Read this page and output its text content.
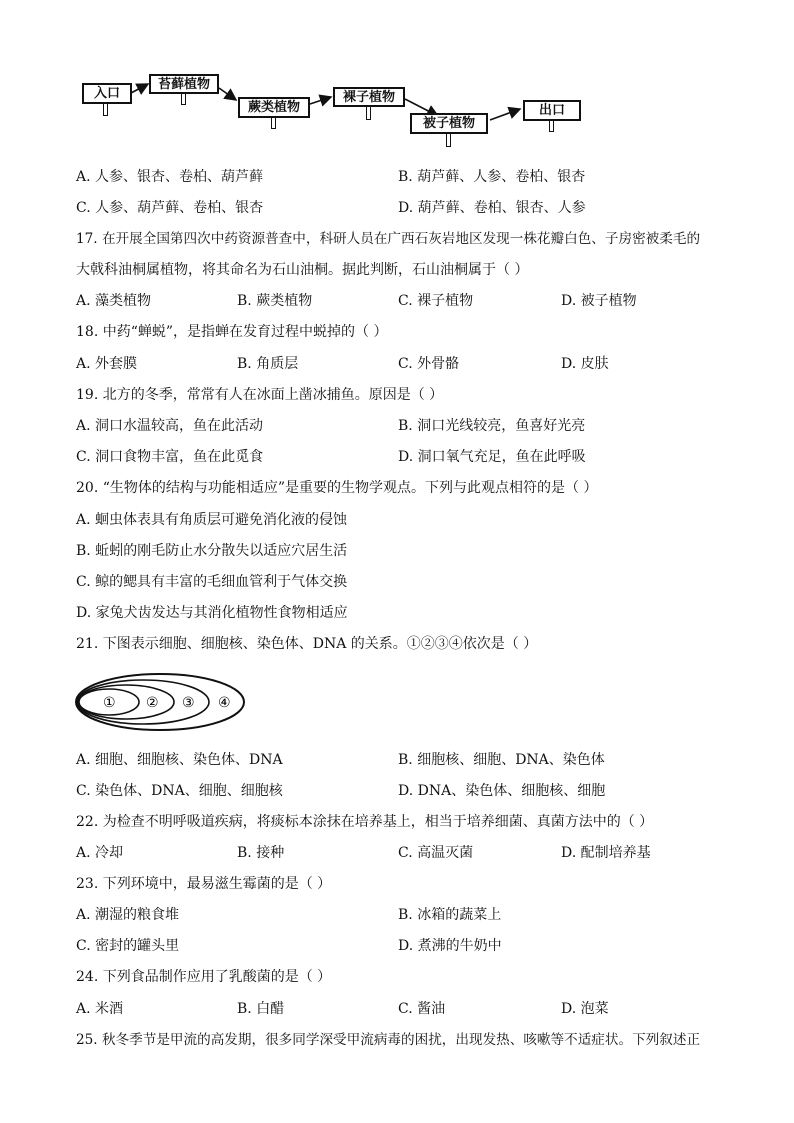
入口
苔藓植物
蕨类植物
裸子植物
被子植物
出口
A. 人参、银杏、卷柏、葫芦藓	B. 葫芦藓、人参、卷柏、银杏
C. 人参、葫芦藓、卷柏、银杏	D. 葫芦藓、卷柏、银杏、人参
17. 在开展全国第四次中药资源普查中，科研人员在广西石灰岩地区发现一株花瓣白色、子房密被柔毛的
大戟科油桐属植物，将其命名为石山油桐。据此判断，石山油桐属于（ ）
A. 藻类植物	B. 蕨类植物	C. 裸子植物	D. 被子植物
18. 中药“蝉蜕”，是指蝉在发育过程中蜕掉的（ ）
A. 外套膜	B. 角质层	C. 外骨骼	D. 皮肤
19. 北方的冬季，常常有人在冰面上凿冰捕鱼。原因是（ ）
A. 洞口水温较高，鱼在此活动	B. 洞口光线较亮，鱼喜好光亮
C. 洞口食物丰富，鱼在此觅食	D. 洞口氧气充足，鱼在此呼吸
20. “生物体的结构与功能相适应”是重要的生物学观点。下列与此观点相符的是（ ）
A. 蛔虫体表具有角质层可避免消化液的侵蚀
B. 蚯蚓的刚毛防止水分散失以适应穴居生活
C. 鲸的鳃具有丰富的毛细血管利于气体交换
D. 家兔犬齿发达与其消化植物性食物相适应
21. 下图表示细胞、细胞核、染色体、DNA 的关系。①②③④依次是（ ）
① ② ③ ④
A. 细胞、细胞核、染色体、DNA	B. 细胞核、细胞、DNA、染色体
C. 染色体、DNA、细胞、细胞核	D. DNA、染色体、细胞核、细胞
22. 为检查不明呼吸道疾病，将痰标本涂抹在培养基上，相当于培养细菌、真菌方法中的（ ）
A. 冷却	B. 接种	C. 高温灭菌	D. 配制培养基
23. 下列环境中，最易滋生霉菌的是（ ）
A. 潮湿的粮食堆	B. 冰箱的蔬菜上
C. 密封的罐头里	D. 煮沸的牛奶中
24. 下列食品制作应用了乳酸菌的是（ ）
A. 米酒	B. 白醋	C. 酱油	D. 泡菜
25. 秋冬季节是甲流的高发期，很多同学深受甲流病毒的困扰，出现发热、咳嗽等不适症状。下列叙述正
